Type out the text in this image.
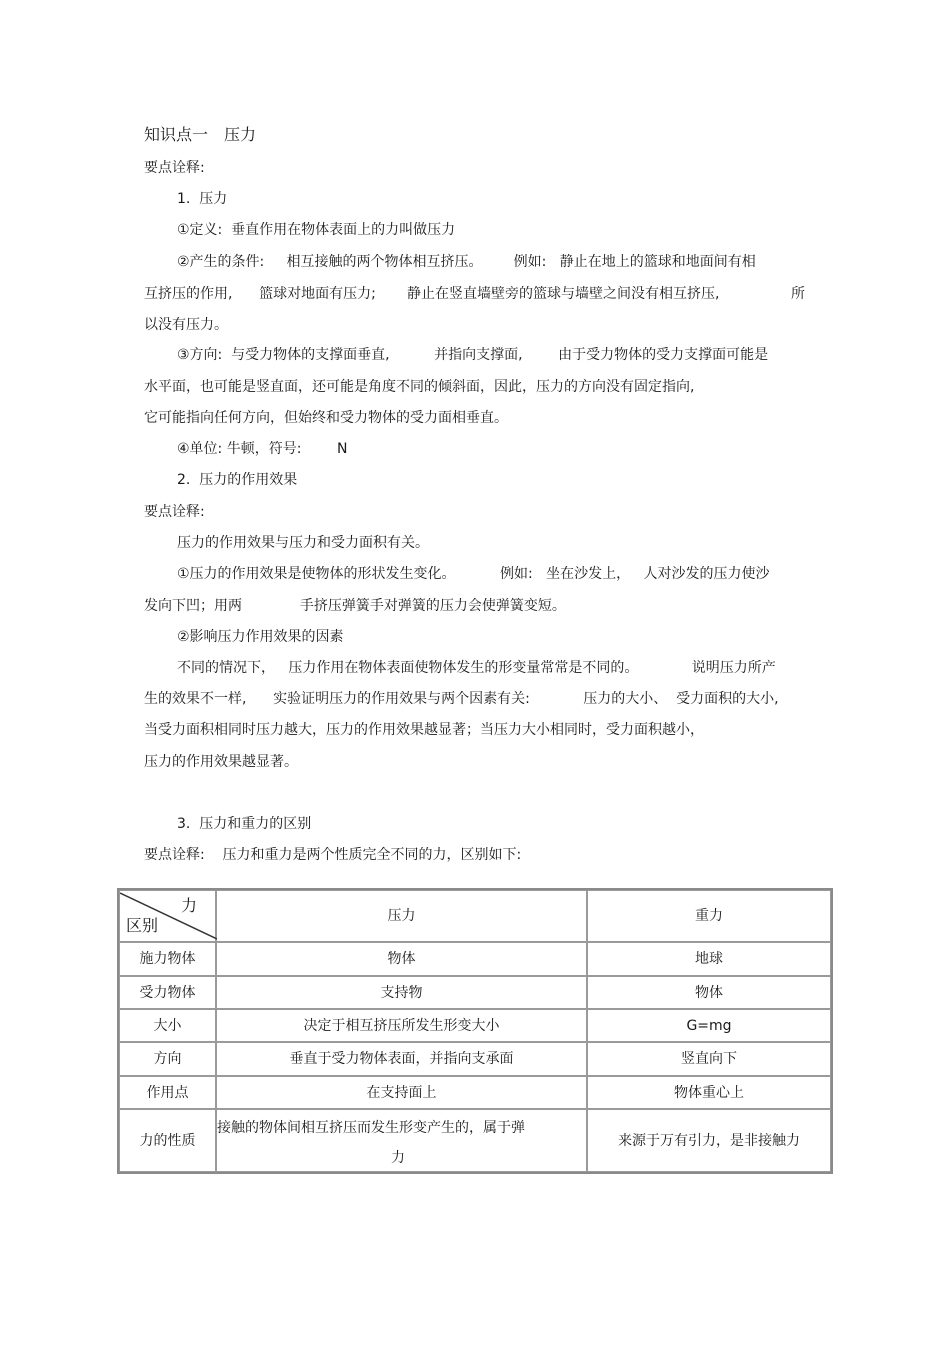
知识点一　压力
要点诠释:
1.  压力
①定义:  垂直作用在物体表面上的力叫做压力
②产生的条件:     相互接触的两个物体相互挤压。       例如:   静止在地上的篮球和地面间有相
互挤压的作用,      篮球对地面有压力;       静止在竖直墙壁旁的篮球与墙壁之间没有相互挤压,	所
以没有压力。
③方向:  与受力物体的支撑面垂直,          并指向支撑面,        由于受力物体的受力支撑面可能是
水平面，也可能是竖直面，还可能是角度不同的倾斜面，因此，压力的方向没有固定指向,
它可能指向任何方向，但始终和受力物体的受力面相垂直。
④单位: 牛顿，符号:        N
2.  压力的作用效果
要点诠释:
压力的作用效果与压力和受力面积有关。
①压力的作用效果是使物体的形状发生变化。          例如:   坐在沙发上，   人对沙发的压力使沙
发向下凹；用两             手挤压弹簧手对弹簧的压力会使弹簧变短。
②影响压力作用效果的因素
不同的情况下，   压力作用在物体表面使物体发生的形变量常常是不同的。            说明压力所产
生的效果不一样,      实验证明压力的作用效果与两个因素有关:            压力的大小、  受力面积的大小,
当受力面积相同时压力越大，压力的作用效果越显著；当压力大小相同时，受力面积越小，
压力的作用效果越显著。
3.  压力和重力的区别
要点诠释:    压力和重力是两个性质完全不同的力，区别如下:
力
区别	压力	重力
施力物体	物体	地球
受力物体	支持物	物体
大小	决定于相互挤压所发生形变大小	G=mg
方向	垂直于受力物体表面，并指向支承面	竖直向下
作用点	在支持面上	物体重心上
力的性质	接触的物体间相互挤压而发生形变产生的，属于弹
力	来源于万有引力，是非接触力
